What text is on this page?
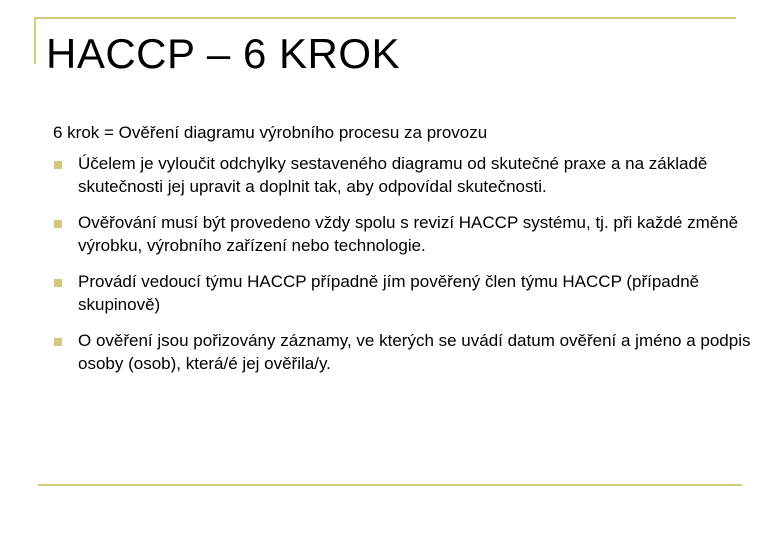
HACCP – 6 KROK
6 krok = Ověření diagramu výrobního procesu za provozu
Účelem je vyloučit odchylky sestaveného diagramu od skutečné praxe a na základě skutečnosti jej upravit a doplnit tak, aby odpovídal skutečnosti.
Ověřování musí být provedeno vždy spolu s revizí HACCP systému, tj. při každé změně výrobku, výrobního zařízení nebo technologie.
Provádí vedoucí týmu HACCP případně jím pověřený člen týmu HACCP (případně skupinově)
O ověření jsou pořizovány záznamy, ve kterých se uvádí datum ověření a jméno a podpis osoby (osob), která/é jej ověřila/y.
